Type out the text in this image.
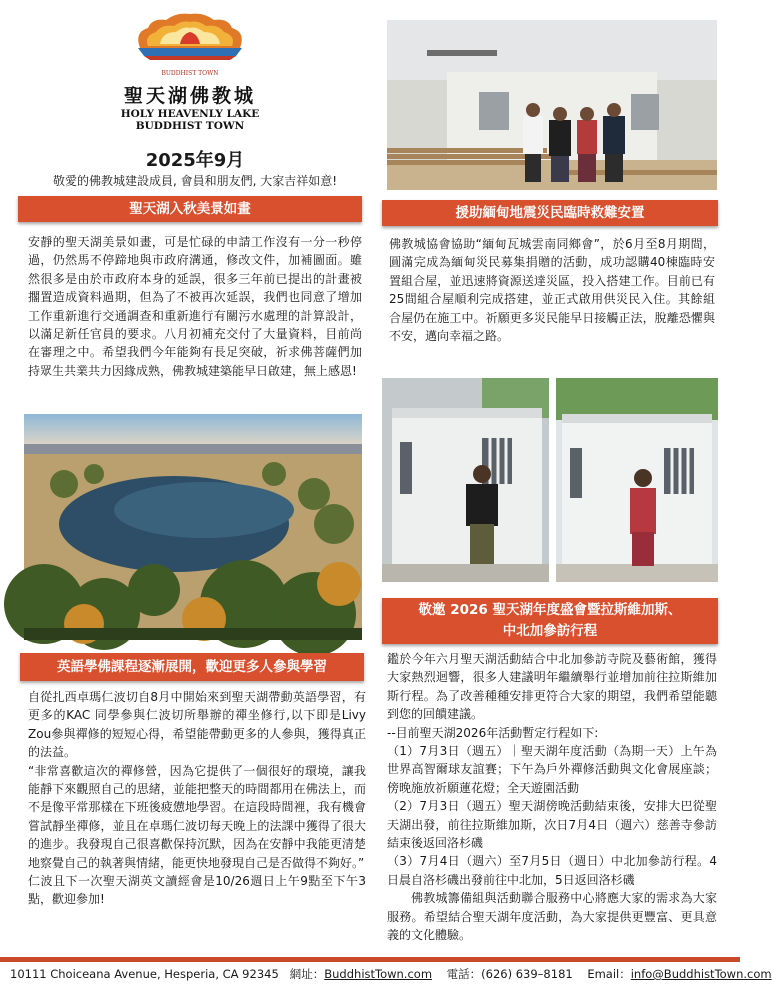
BUDDHIST TOWN
聖天湖佛教城
HOLY HEAVENLY LAKE
BUDDHIST TOWN
2025年9月
敬愛的佛教城建設成員, 會員和朋友們, 大家吉祥如意!
聖天湖入秋美景如畫

安靜的聖天湖美景如畫，可是忙碌的申請工作沒有一分一秒停過，仍然馬不停蹄地與市政府溝通，修改文件，加補圖面。雖然很多是由於市政府本身的延誤，很多三年前已提出的計畫被擱置造成資料過期，但為了不被再次延誤，我們也同意了增加工作重新進行交通調查和重新進行有關污水處理的計算設計，以滿足新任官員的要求。八月初補充交付了大量資料，目前尚在審理之中。希望我們今年能夠有長足突破，祈求佛菩薩們加持眾生共業共力因緣成熟，佛教城建築能早日啟建，無上感恩!

英語學佛課程逐漸展開，歡迎更多人參與學習

自從扎西卓瑪仁波切自8月中開始來到聖天湖帶動英語學習，有更多的KAC 同學參與仁波切所舉辦的禪坐修行,以下即是Livy Zou參與禪修的短短心得，希望能帶動更多的人參與，獲得真正的法益。

“非常喜歡這次的禪修營，因為它提供了一個很好的環境，讓我能靜下來觀照自己的思緒，並能把整天的時間都用在佛法上，而不是像平常那樣在下班後疲憊地學習。在這段時間裡，我有機會嘗試靜坐禪修，並且在卓瑪仁波切每天晚上的法課中獲得了很大的進步。我發現自己很喜歡保持沉默，因為在安靜中我能更清楚地察覺自己的執著與情緒，能更快地發現自己是否做得不夠好。”

仁波且下一次聖天湖英文讀經會是10/26週日上午9點至下午3點，歡迎參加!

援助緬甸地震災民臨時救難安置

佛教城協會協助“緬甸瓦城雲南同鄉會”，於6月至8月期間，圓滿完成為緬甸災民募集捐贈的活動，成功認購40棟臨時安置組合屋，並迅速將資源送達災區，投入搭建工作。目前已有25間組合屋順利完成搭建，並正式啟用供災民入住。其餘組合屋仍在施工中。祈願更多災民能早日接觸正法，脫離恐懼與不安，邁向幸福之路。

敬邀 2026 聖天湖年度盛會暨拉斯維加斯、
中北加參訪行程

鑑於今年六月聖天湖活動結合中北加參訪寺院及藝術館，獲得大家熱烈迴響，很多人建議明年繼續舉行並增加前往拉斯維加斯行程。為了改善種種安排更符合大家的期望，我們希望能聽到您的回饋建議。

--目前聖天湖2026年活動暫定行程如下:

（1）7月3日（週五）｜聖天湖年度活動（為期一天）上午為世界高智爾球友誼賽；下午為戶外禪修活動與文化會展座談；傍晚施放祈願蓮花燈；全天遊園活動

（2）7月3日（週五）聖天湖傍晚活動結束後，安排大巴從聖天湖出發，前往拉斯維加斯，次日7月4日（週六）慈善寺參訪結束後返回洛杉磯

（3）7月4日（週六）至7月5日（週日）中北加參訪行程。4日晨自洛杉磯出發前往中北加，5日返回洛杉磯

佛教城籌備組與活動聯合服務中心將應大家的需求為大家服務。希望結合聖天湖年度活動，為大家提供更豐富、更具意義的文化體驗。

10111 Choiceana Avenue, Hesperia, CA 92345 網址：BuddhistTown.com 電話：(626) 639–8181 Email：info@BuddhistTown.com
